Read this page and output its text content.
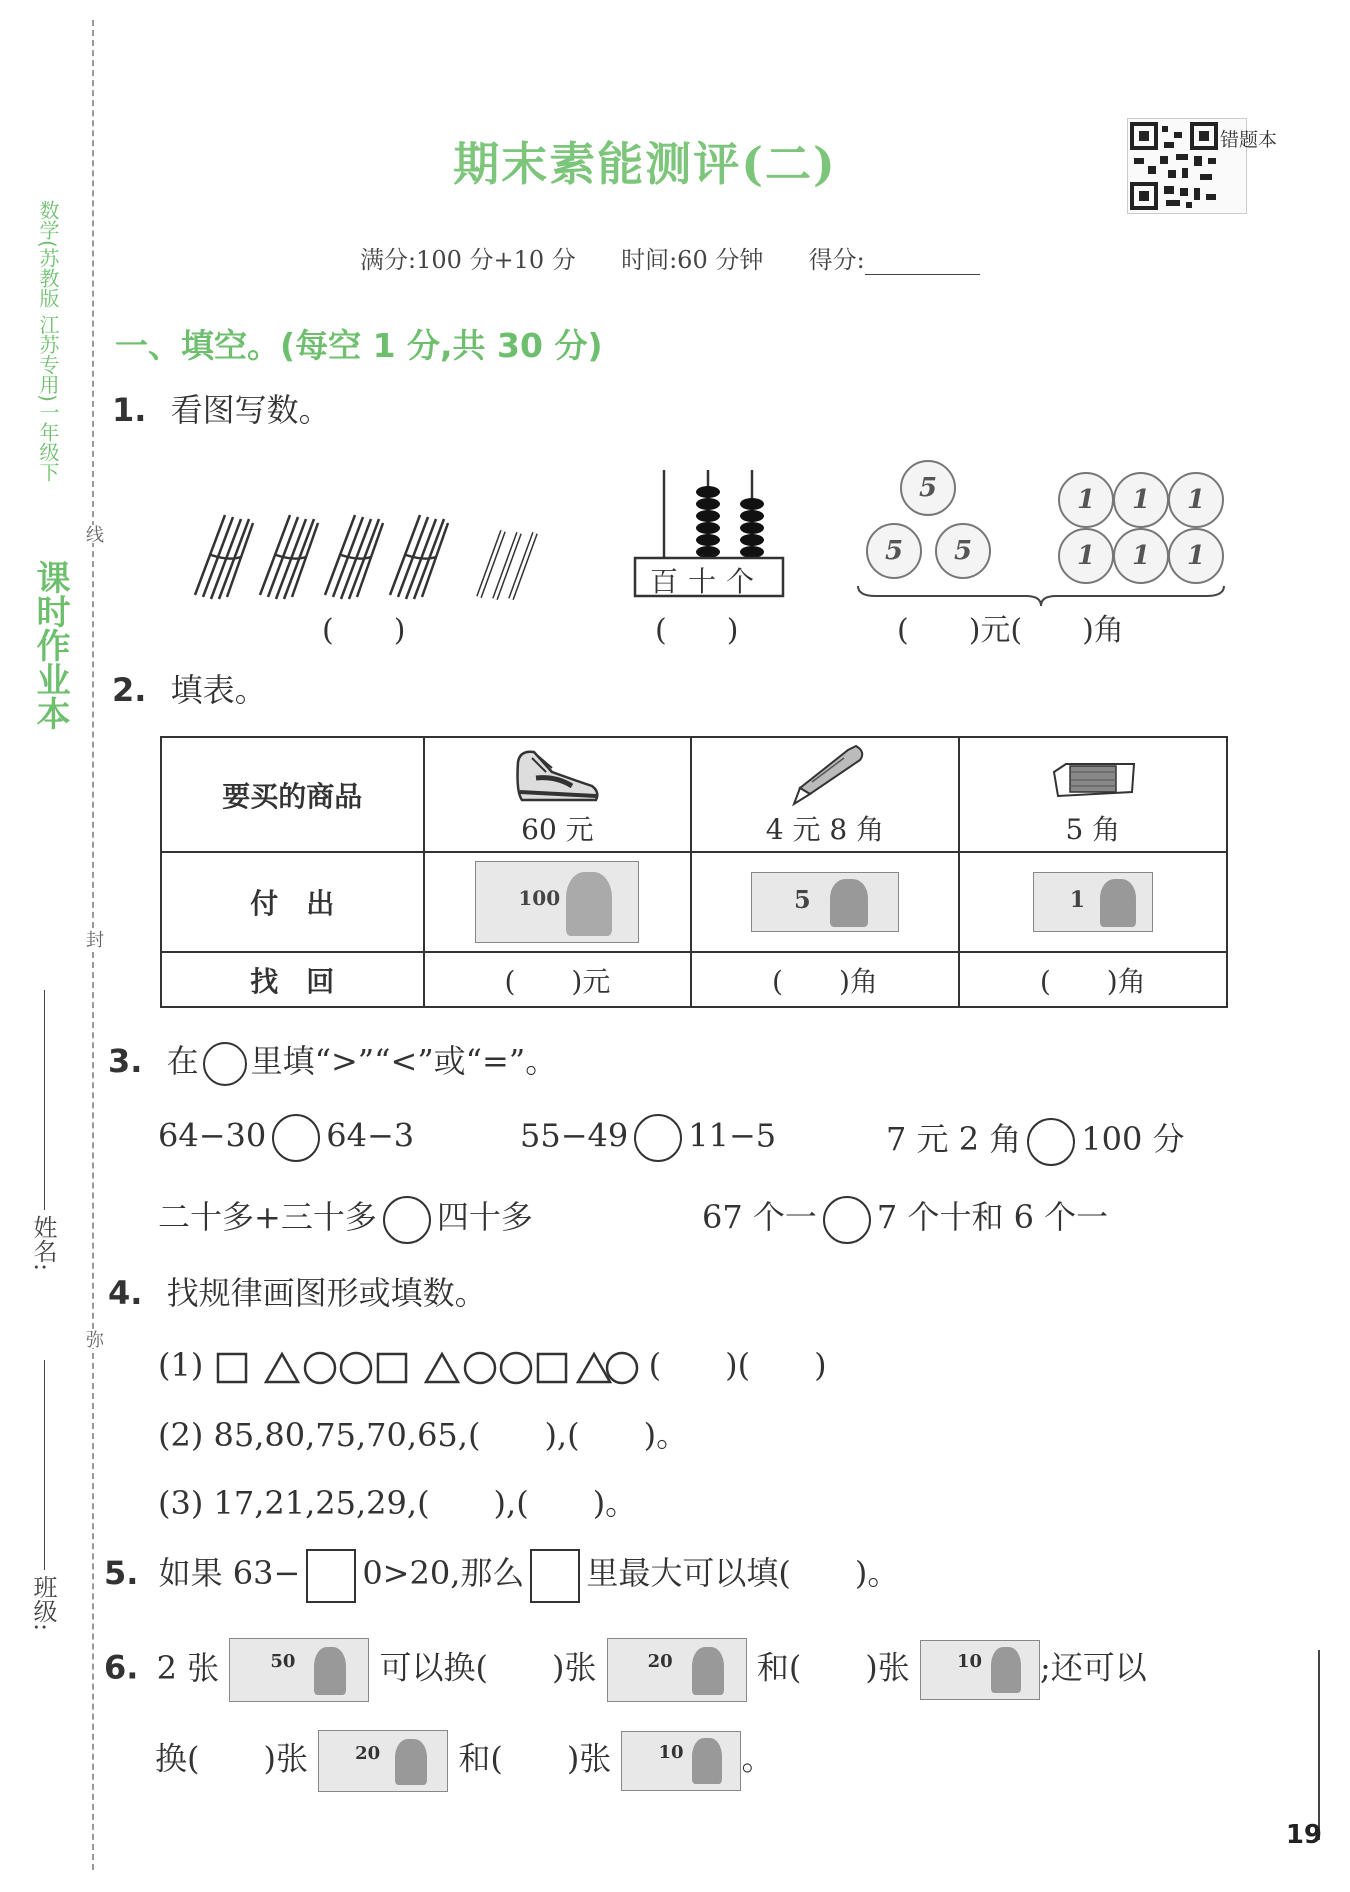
课时作业本
数学(苏教版 江苏专用)一年级下
线
封
弥
姓名:
班级:
期末素能测评(二)	错题本
满分:100 分+10 分 时间:60 分钟 得分:
一、填空。(每空 1 分,共 30 分)
1. 看图写数。
(　　)
百十个
(　　)
5
5	5
1	1	1
1	1	1
(　　)元(　　)角
2. 填表。
要买的商品	60 元	4 元 8 角	5 角
付　出	100	5	1

找　回	(　　)元	(　　)角	(　　)角
3. 在 里填“>”“<”或“=”。
64−30 64−3	55−49 11−5	7 元 2 角 100 分
二十多+三十多 四十多	67 个一 7 个十和 6 个一
4. 找规律画图形或填数。
(1)	(　　)(　　)
(2) 85,80,75,70,65,(　　),(　　)。
(3) 17,21,25,29,(　　),(　　)。
5. 如果 63− 0>20,那么 里最大可以填(　　)。
6. 2 张	50	可以换(　　)张	20	和(　　)张	10 ;还可以
换(　　)张	20 和(　　)张	10 。
19
